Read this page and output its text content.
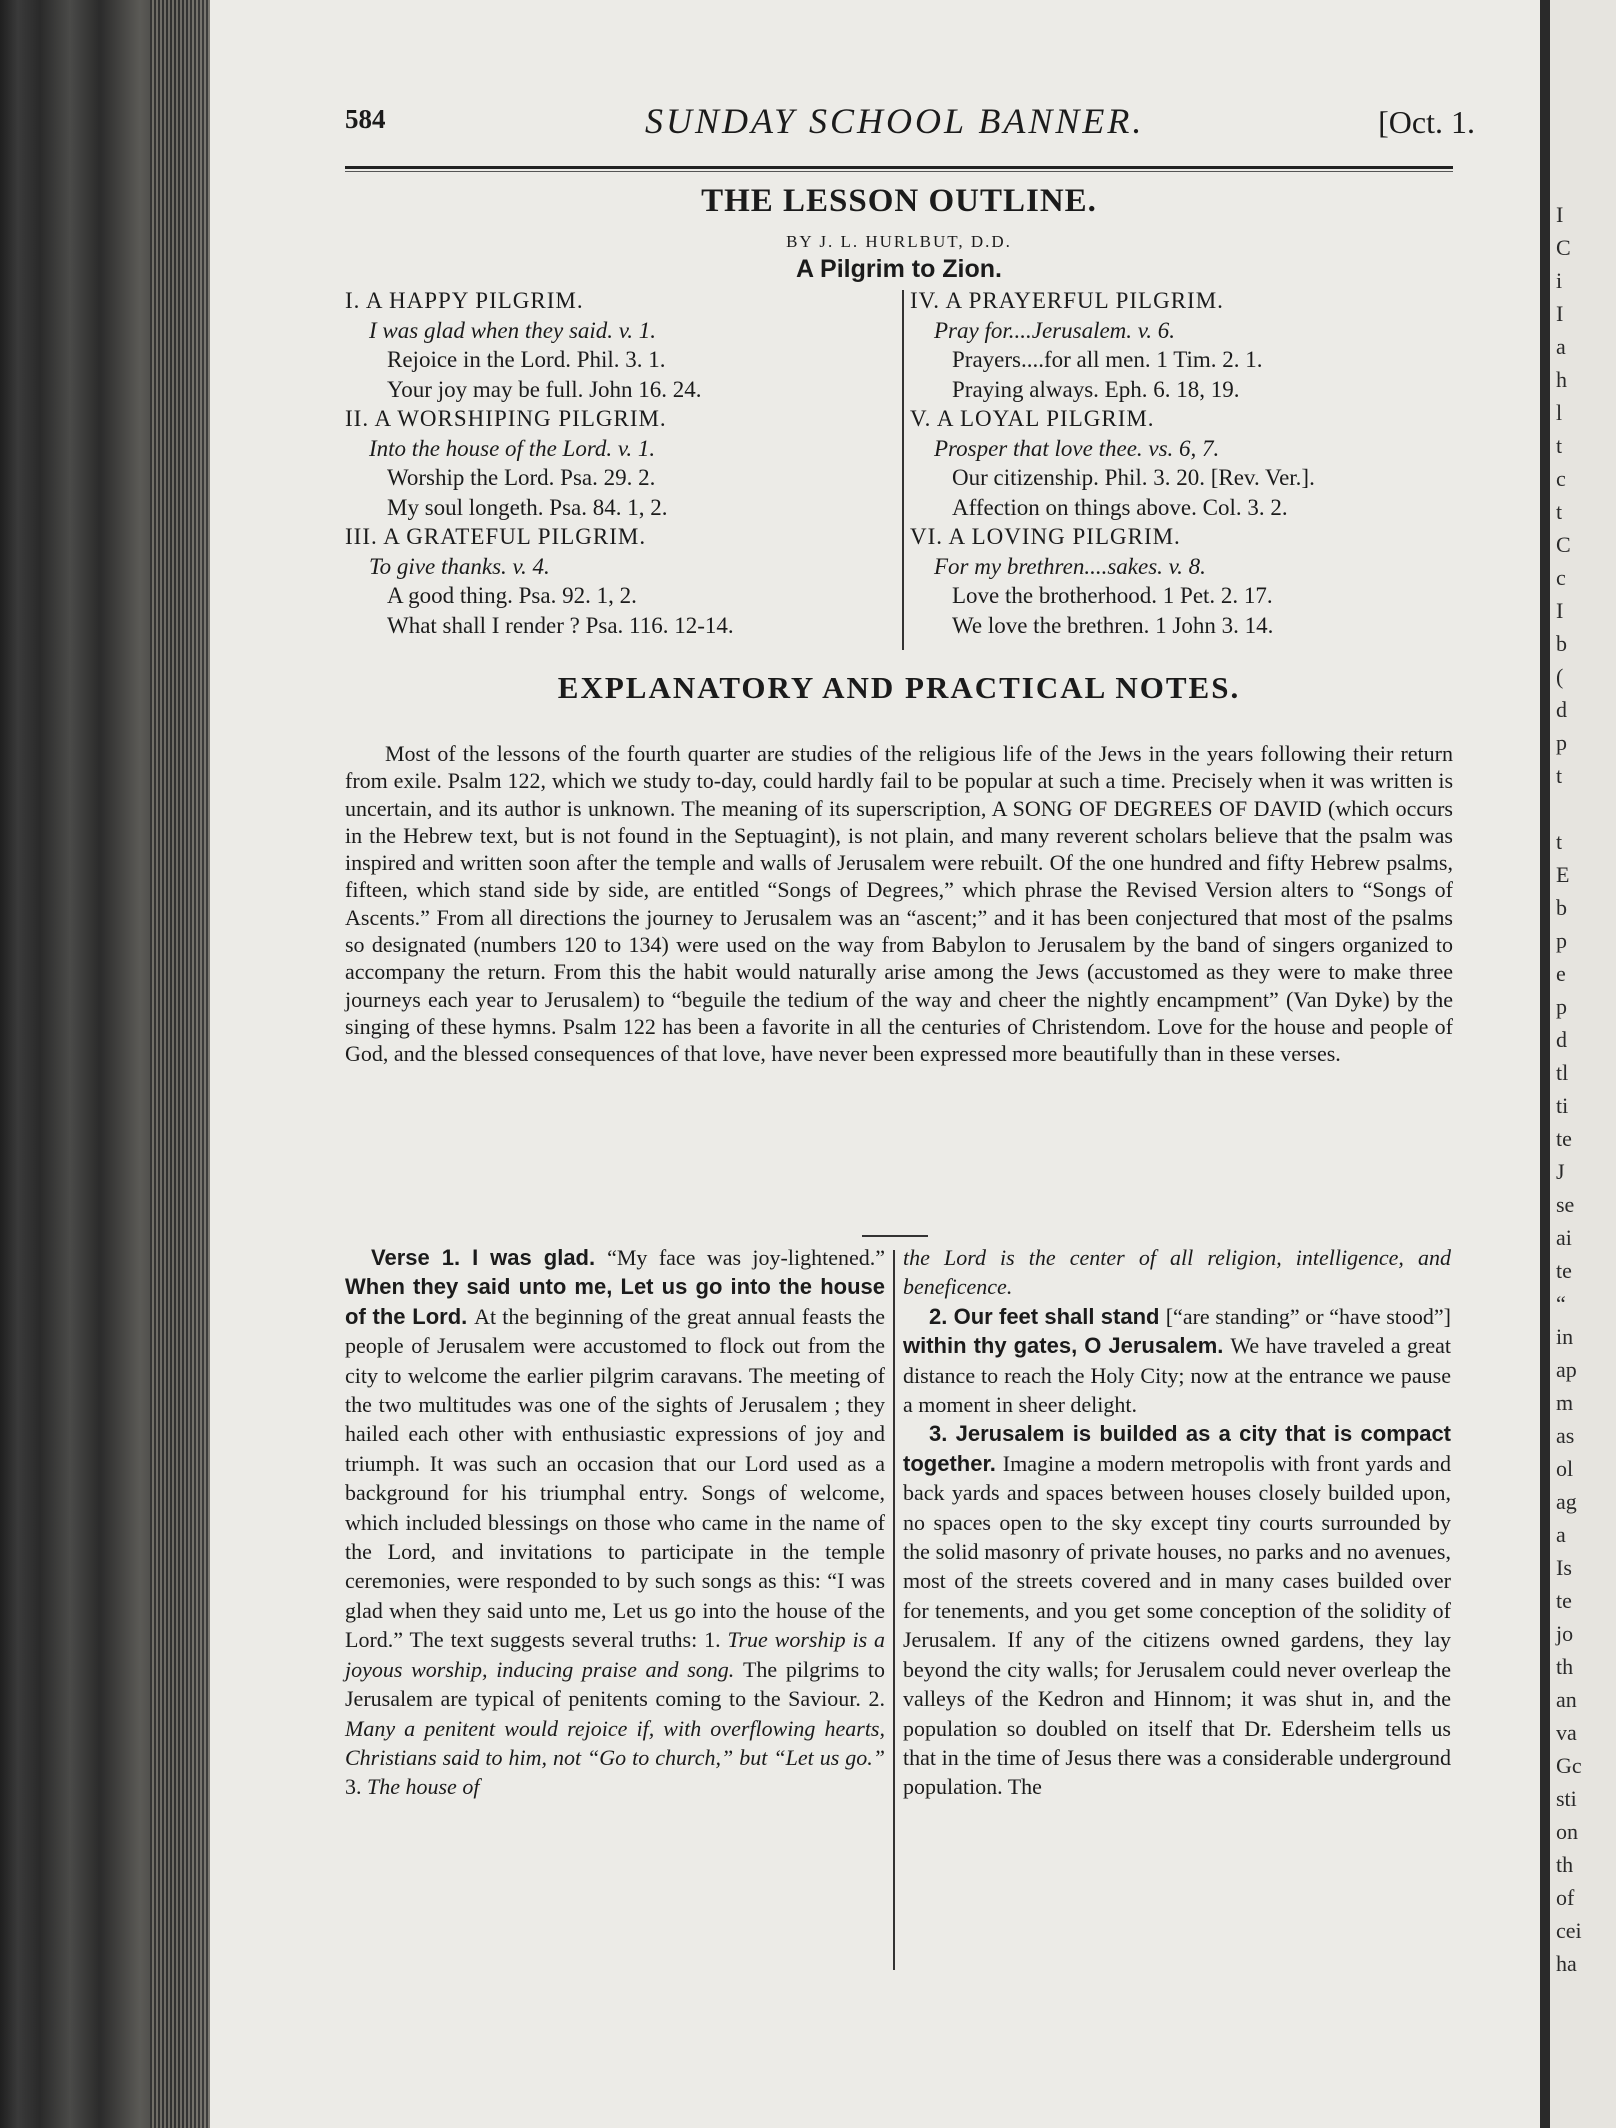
I
C
i
I
a
h
l
t
c
t
C
c
I
b
(
d
p
t
t
E
b
p
e
p
d
tl
ti
te
J
se
ai
te
“
in
ap
m
as
ol
ag
a
Is
te
jo
th
an
va
Gc
sti
on
th
of
cei
ha
584	SUNDAY SCHOOL BANNER.	[Oct. 1.
THE LESSON OUTLINE.
BY J. L. HURLBUT, D.D.
A Pilgrim to Zion.
I. A HAPPY PILGRIM.
I was glad when they said. v. 1.
Rejoice in the Lord. Phil. 3. 1.
Your joy may be full. John 16. 24.
II. A WORSHIPING PILGRIM.
Into the house of the Lord. v. 1.
Worship the Lord. Psa. 29. 2.
My soul longeth. Psa. 84. 1, 2.
III. A GRATEFUL PILGRIM.
To give thanks. v. 4.
A good thing. Psa. 92. 1, 2.
What shall I render ? Psa. 116. 12-14.
IV. A PRAYERFUL PILGRIM.
Pray for....Jerusalem. v. 6.
Prayers....for all men. 1 Tim. 2. 1.
Praying always. Eph. 6. 18, 19.
V. A LOYAL PILGRIM.
Prosper that love thee. vs. 6, 7.
Our citizenship. Phil. 3. 20. [Rev. Ver.].
Affection on things above. Col. 3. 2.
VI. A LOVING PILGRIM.
For my brethren....sakes. v. 8.
Love the brotherhood. 1 Pet. 2. 17.
We love the brethren. 1 John 3. 14.
EXPLANATORY AND PRACTICAL NOTES.
Most of the lessons of the fourth quarter are studies of the religious life of the Jews in the years following their return from exile. Psalm 122, which we study to-day, could hardly fail to be popular at such a time. Precisely when it was written is uncertain, and its author is unknown. The meaning of its superscription, A SONG OF DEGREES OF DAVID (which occurs in the Hebrew text, but is not found in the Septuagint), is not plain, and many reverent scholars believe that the psalm was inspired and written soon after the temple and walls of Jerusalem were rebuilt. Of the one hundred and fifty Hebrew psalms, fifteen, which stand side by side, are entitled “Songs of Degrees,” which phrase the Revised Version alters to “Songs of Ascents.” From all directions the journey to Jerusalem was an “ascent;” and it has been conjectured that most of the psalms so designated (numbers 120 to 134) were used on the way from Babylon to Jerusalem by the band of singers organized to accompany the return. From this the habit would naturally arise among the Jews (accustomed as they were to make three journeys each year to Jerusalem) to “beguile the tedium of the way and cheer the nightly encampment” (Van Dyke) by the singing of these hymns. Psalm 122 has been a favorite in all the centuries of Christendom. Love for the house and people of God, and the blessed consequences of that love, have never been expressed more beautifully than in these verses.

Verse 1. I was glad. “My face was joy-lightened.” When they said unto me, Let us go into the house of the Lord. At the beginning of the great annual feasts the people of Jerusalem were accustomed to flock out from the city to welcome the earlier pilgrim caravans. The meeting of the two multitudes was one of the sights of Jerusalem ; they hailed each other with enthusiastic expressions of joy and triumph. It was such an occasion that our Lord used as a background for his triumphal entry. Songs of welcome, which included blessings on those who came in the name of the Lord, and invitations to participate in the temple ceremonies, were responded to by such songs as this: “I was glad when they said unto me, Let us go into the house of the Lord.” The text suggests several truths: 1. True worship is a joyous worship, inducing praise and song. The pilgrims to Jerusalem are typical of penitents coming to the Saviour. 2. Many a penitent would rejoice if, with overflowing hearts, Christians said to him, not “Go to church,” but “Let us go.” 3. The house of

the Lord is the center of all religion, intelligence, and beneficence.

2. Our feet shall stand [“are standing” or “have stood”] within thy gates, O Jerusalem. We have traveled a great distance to reach the Holy City; now at the entrance we pause a moment in sheer delight.

3. Jerusalem is builded as a city that is compact together. Imagine a modern metropolis with front yards and back yards and spaces between houses closely builded upon, no spaces open to the sky except tiny courts surrounded by the solid masonry of private houses, no parks and no avenues, most of the streets covered and in many cases builded over for tenements, and you get some conception of the solidity of Jerusalem. If any of the citizens owned gardens, they lay beyond the city walls; for Jerusalem could never overleap the valleys of the Kedron and Hinnom; it was shut in, and the population so doubled on itself that Dr. Edersheim tells us that in the time of Jesus there was a considerable underground population. The
